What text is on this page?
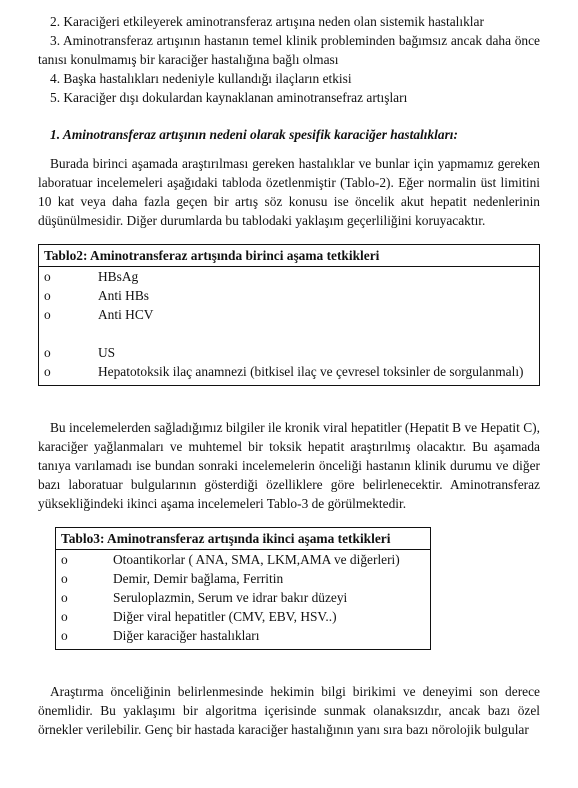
2. Karaciğeri etkileyerek aminotransferaz artışına neden olan sistemik hastalıklar

3. Aminotransferaz artışının hastanın temel klinik probleminden bağımsız ancak daha önce tanısı konulmamış bir karaciğer hastalığına bağlı olması

4. Başka hastalıkları nedeniyle kullandığı ilaçların etkisi

5. Karaciğer dışı dokulardan kaynaklanan aminotransefraz artışları

1. Aminotransferaz artışının nedeni olarak spesifik karaciğer hastalıkları:

Burada birinci aşamada araştırılması gereken hastalıklar ve bunlar için yapmamız gereken laboratuar incelemeleri aşağıdaki tabloda özetlenmiştir (Tablo-2). Eğer normalin üst limitini 10 kat veya daha fazla geçen bir artış söz konusu ise öncelik akut hepatit nedenlerinin düşünülmesidir. Diğer durumlarda bu tablodaki yaklaşım geçerliliğini koruyacaktır.

Tablo2: Aminotransferaz artışında birinci aşama tetkikleri
o	HBsAg
o	Anti HBs
o	Anti HCV
o	US
o	Hepatotoksik ilaç anamnezi (bitkisel ilaç ve çevresel toksinler de sorgulanmalı)

Bu incelemelerden sağladığımız bilgiler ile kronik viral hepatitler (Hepatit B ve Hepatit C), karaciğer yağlanmaları ve muhtemel bir toksik hepatit araştırılmış olacaktır. Bu aşamada tanıya varılamadı ise bundan sonraki incelemelerin önceliği hastanın klinik durumu ve diğer bazı laboratuar bulgularının gösterdiği özelliklere göre belirlenecektir. Aminotransferaz yüksekliğindeki ikinci aşama incelemeleri Tablo-3 de görülmektedir.

Tablo3: Aminotransferaz artışında ikinci aşama tetkikleri
o	Otoantikorlar ( ANA, SMA, LKM,AMA ve diğerleri)
o	Demir, Demir bağlama, Ferritin
o	Seruloplazmin, Serum ve idrar bakır düzeyi
o	Diğer viral hepatitler (CMV, EBV, HSV..)
o	Diğer karaciğer hastalıkları

Araştırma önceliğinin belirlenmesinde hekimin bilgi birikimi ve deneyimi son derece önemlidir. Bu yaklaşımı bir algoritma içerisinde sunmak olanaksızdır, ancak bazı özel örnekler verilebilir. Genç bir hastada karaciğer hastalığının yanı sıra bazı nörolojik bulgular
